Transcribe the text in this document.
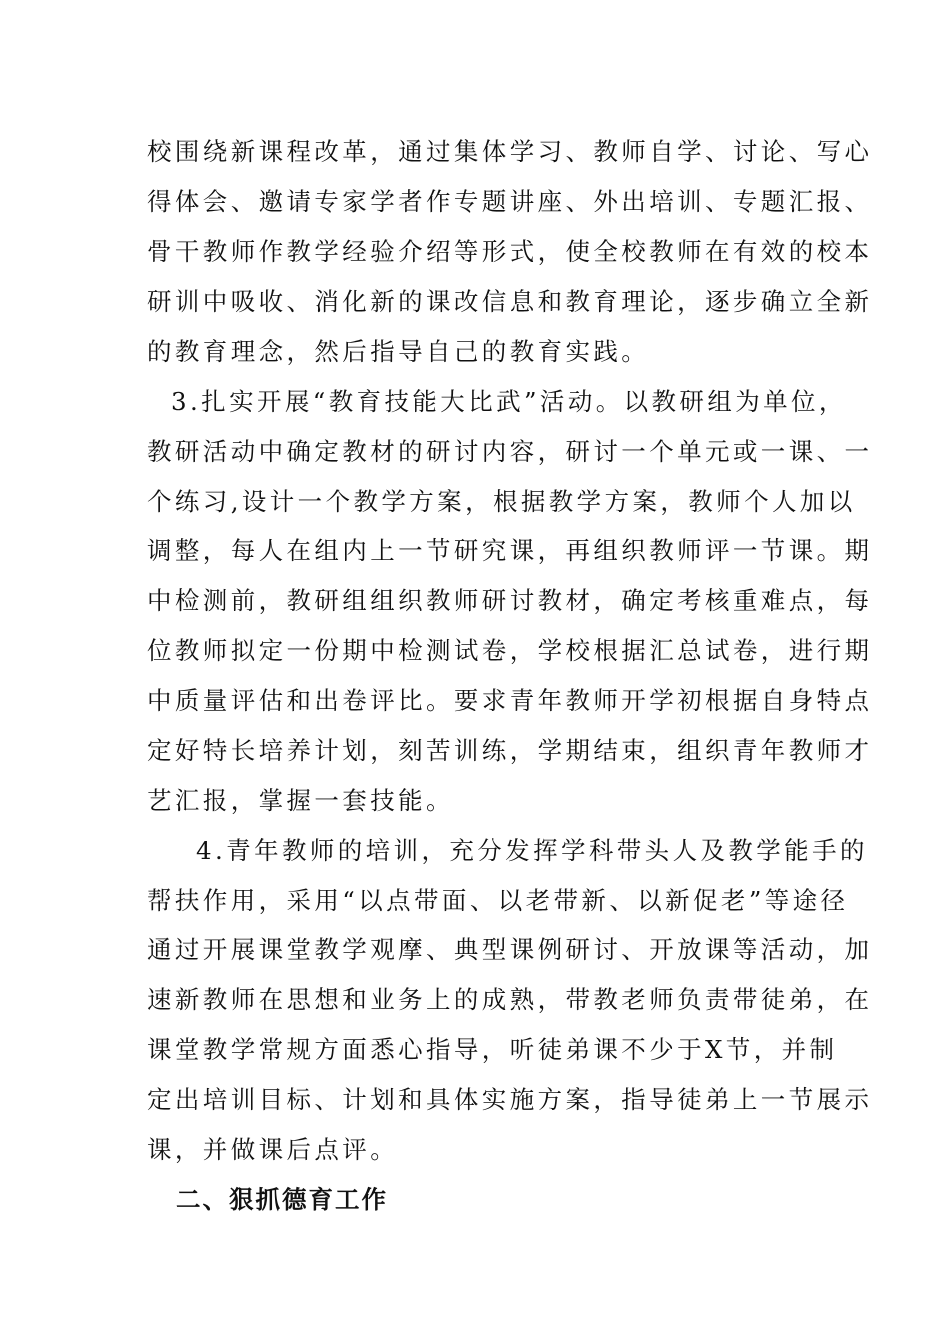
校围绕新课程改革，通过集体学习、教师自学、讨论、写心
得体会、邀请专家学者作专题讲座、外出培训、专题汇报、
骨干教师作教学经验介绍等形式，使全校教师在有效的校本
研训中吸收、消化新的课改信息和教育理论，逐步确立全新
的教育理念，然后指导自己的教育实践。
3.扎实开展“教育技能大比武”活动。以教研组为单位，
教研活动中确定教材的研讨内容，研讨一个单元或一课、一
个练习,设计一个教学方案，根据教学方案，教师个人加以
调整，每人在组内上一节研究课，再组织教师评一节课。期
中检测前，教研组组织教师研讨教材，确定考核重难点，每
位教师拟定一份期中检测试卷，学校根据汇总试卷，进行期
中质量评估和出卷评比。要求青年教师开学初根据自身特点
定好特长培养计划，刻苦训练，学期结束，组织青年教师才
艺汇报，掌握一套技能。
4.青年教师的培训，充分发挥学科带头人及教学能手的
帮扶作用，采用“以点带面、以老带新、以新促老”等途径
通过开展课堂教学观摩、典型课例研讨、开放课等活动，加
速新教师在思想和业务上的成熟，带教老师负责带徒弟，在
课堂教学常规方面悉心指导，听徒弟课不少于X节，并制
定出培训目标、计划和具体实施方案，指导徒弟上一节展示
课，并做课后点评。
二、狠抓德育工作
